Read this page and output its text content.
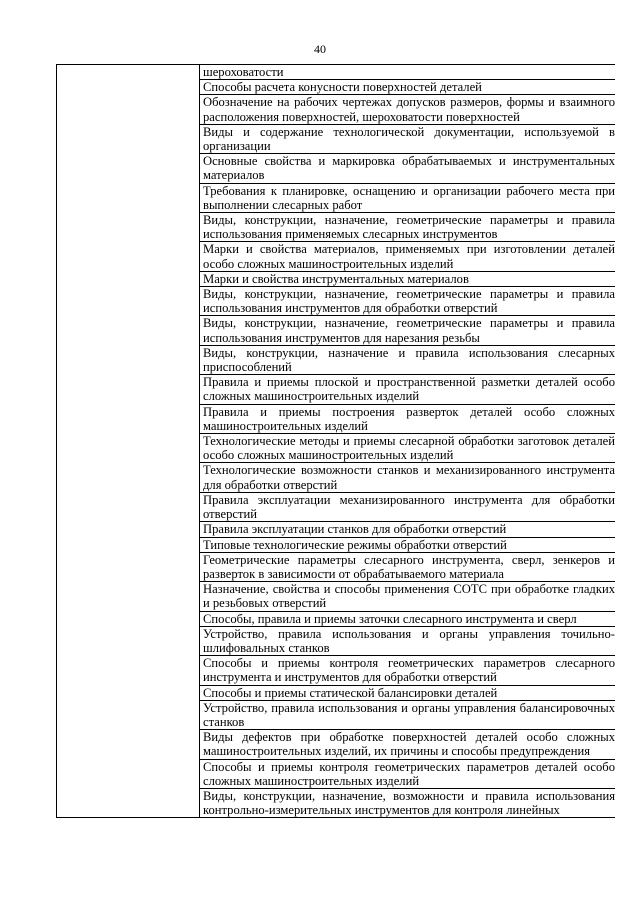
40

шероховатости
Способы расчета конусности поверхностей деталей
Обозначение на рабочих чертежах допусков размеров, формы и взаимного расположения поверхностей, шероховатости поверхностей
Виды и содержание технологической документации, используемой в организации
Основные свойства и маркировка обрабатываемых и инструментальных материалов
Требования к планировке, оснащению и организации рабочего места при выполнении слесарных работ
Виды, конструкции, назначение, геометрические параметры и правила использования применяемых слесарных инструментов
Марки и свойства материалов, применяемых при изготовлении деталей особо сложных машиностроительных изделий
Марки и свойства инструментальных материалов
Виды, конструкции, назначение, геометрические параметры и правила использования инструментов для обработки отверстий
Виды, конструкции, назначение, геометрические параметры и правила использования инструментов для нарезания резьбы
Виды, конструкции, назначение и правила использования слесарных приспособлений
Правила и приемы плоской и пространственной разметки деталей особо сложных машиностроительных изделий
Правила и приемы построения разверток деталей особо сложных машиностроительных изделий
Технологические методы и приемы слесарной обработки заготовок деталей особо сложных машиностроительных изделий
Технологические возможности станков и механизированного инструмента для обработки отверстий
Правила эксплуатации механизированного инструмента для обработки отверстий
Правила эксплуатации станков для обработки отверстий
Типовые технологические режимы обработки отверстий
Геометрические параметры слесарного инструмента, сверл, зенкеров и разверток в зависимости от обрабатываемого материала
Назначение, свойства и способы применения СОТС при обработке гладких и резьбовых отверстий
Способы, правила и приемы заточки слесарного инструмента и сверл
Устройство, правила использования и органы управления точильно-шлифовальных станков
Способы и приемы контроля геометрических параметров слесарного инструмента и инструментов для обработки отверстий
Способы и приемы статической балансировки деталей
Устройство, правила использования и органы управления балансировочных станков
Виды дефектов при обработке поверхностей деталей особо сложных машиностроительных изделий, их причины и способы предупреждения
Способы и приемы контроля геометрических параметров деталей особо сложных машиностроительных изделий
Виды, конструкции, назначение, возможности и правила использования контрольно-измерительных инструментов для контроля линейных
